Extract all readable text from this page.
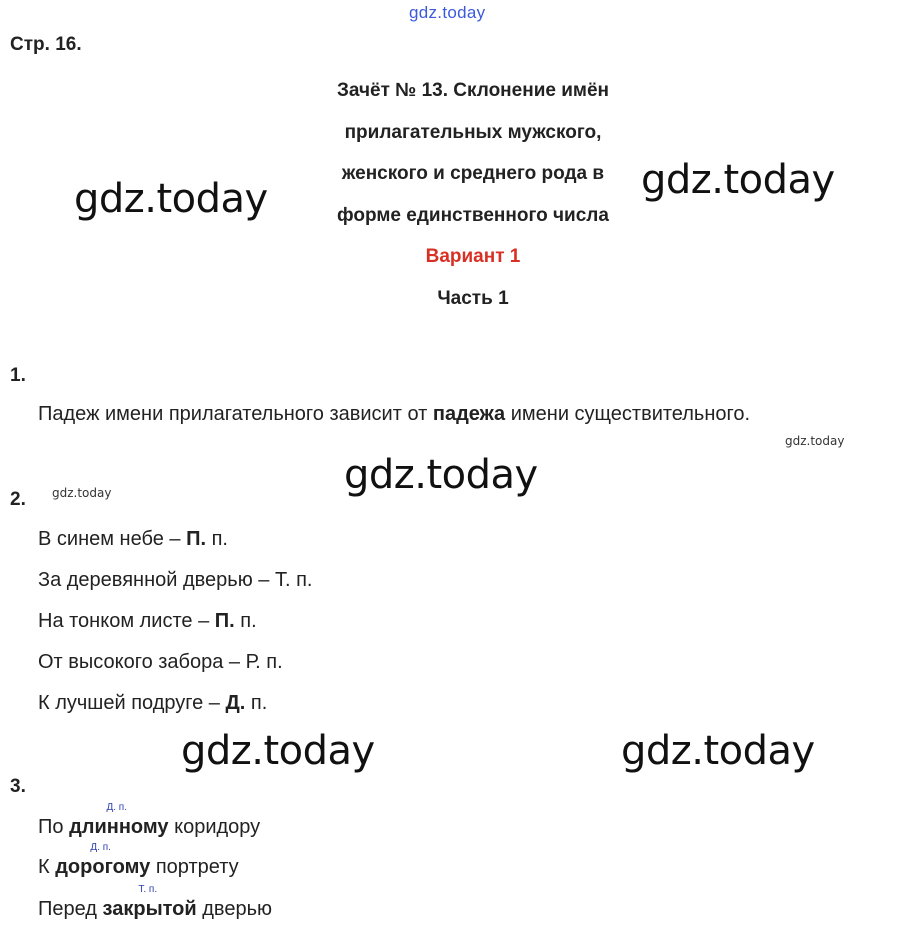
gdz.today
gdz.today	gdz.today
gdz.today
gdz.today	gdz.today
gdz.today
gdz.today
Стр. 16.
Зачёт № 13. Склонение имён
прилагательных мужского,
женского и среднего рода в
форме единственного числа
Вариант 1
Часть 1
1.
Падеж имени прилагательного зависит от падежа имени существительного.
2.
В синем небе – П. п.
За деревянной дверью – Т. п.
На тонком листе – П. п.
От высокого забора – Р. п.
К лучшей подруге – Д. п.
3.
По
Д. п.
длинному коридору
К
Д. п.
дорогому портрету
Перед
Т. п.
закрытой дверью
